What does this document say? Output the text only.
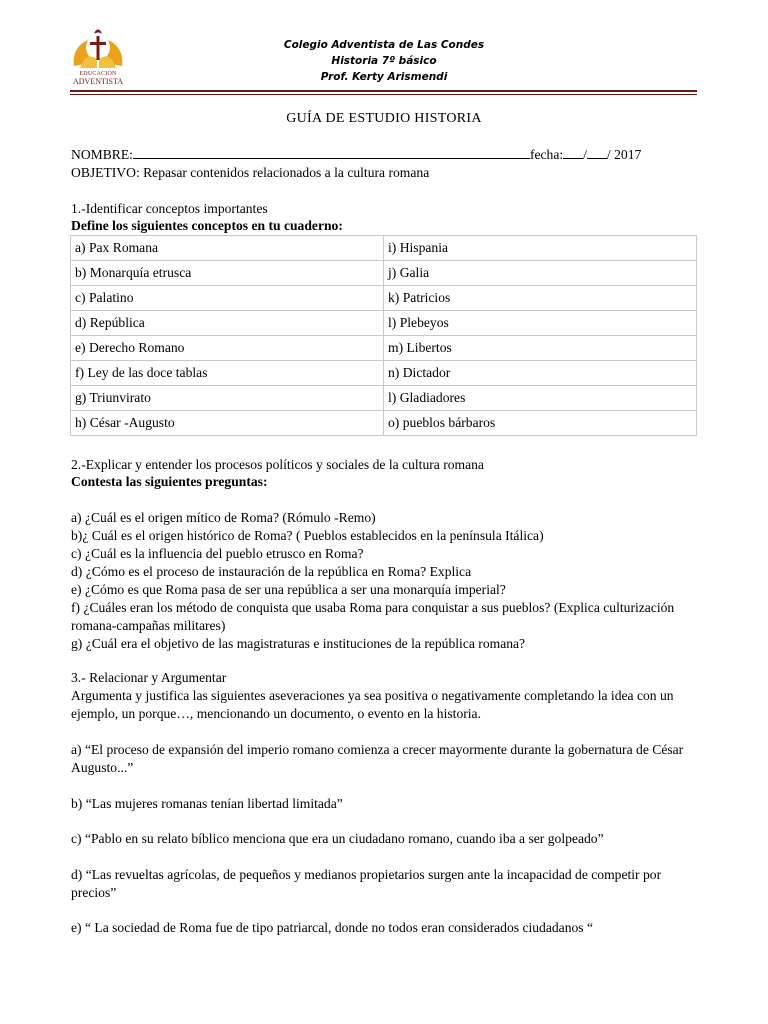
EDUCACIÓN
ADVENTISTA
Colegio Adventista de Las Condes
Historia 7º básico
Prof. Kerty Arismendi
GUÍA DE ESTUDIO HISTORIA
NOMBRE:	fecha: / / 2017
OBJETIVO: Repasar contenidos relacionados a la cultura romana
1.-Identificar conceptos importantes
Define los siguientes conceptos en tu cuaderno:
a) Pax Romana	i) Hispania
b) Monarquía etrusca	j) Galia
c) Palatino	k) Patricios
d) República	l) Plebeyos
e) Derecho Romano	m) Libertos
f) Ley de las doce tablas	n) Dictador
g) Triunvirato	l) Gladiadores
h) César -Augusto	o) pueblos bárbaros
2.-Explicar y entender los procesos políticos y sociales de la cultura romana
Contesta las siguientes preguntas:
a) ¿Cuál es el origen mítico de Roma? (Rómulo -Remo)
b)¿ Cuál es el origen histórico de Roma? ( Pueblos establecidos en la península Itálica)
c) ¿Cuál es la influencia del pueblo etrusco en Roma?
d) ¿Cómo es el proceso de instauración de la república en Roma? Explica
e) ¿Cómo es que Roma pasa de ser una república a ser una monarquía imperial?
f) ¿Cuáles eran los método de conquista que usaba Roma para conquistar a sus pueblos? (Explica culturización romana-campañas militares)
g) ¿Cuál era el objetivo de las magistraturas e instituciones de la república romana?
3.- Relacionar y Argumentar
Argumenta y justifica las siguientes aseveraciones ya sea positiva o negativamente completando la idea con un ejemplo, un porque…, mencionando un documento, o evento en la historia.
a) “El proceso de expansión del imperio romano comienza a crecer mayormente durante la gobernatura de César Augusto...”
b) “Las mujeres romanas tenían libertad limitada”
c) “Pablo en su relato bíblico menciona que era un ciudadano romano, cuando iba a ser golpeado”
d) “Las revueltas agrícolas, de pequeños y medianos propietarios surgen ante la incapacidad de competir por precios”
e) “ La sociedad de Roma fue de tipo patriarcal, donde no todos eran considerados ciudadanos “
